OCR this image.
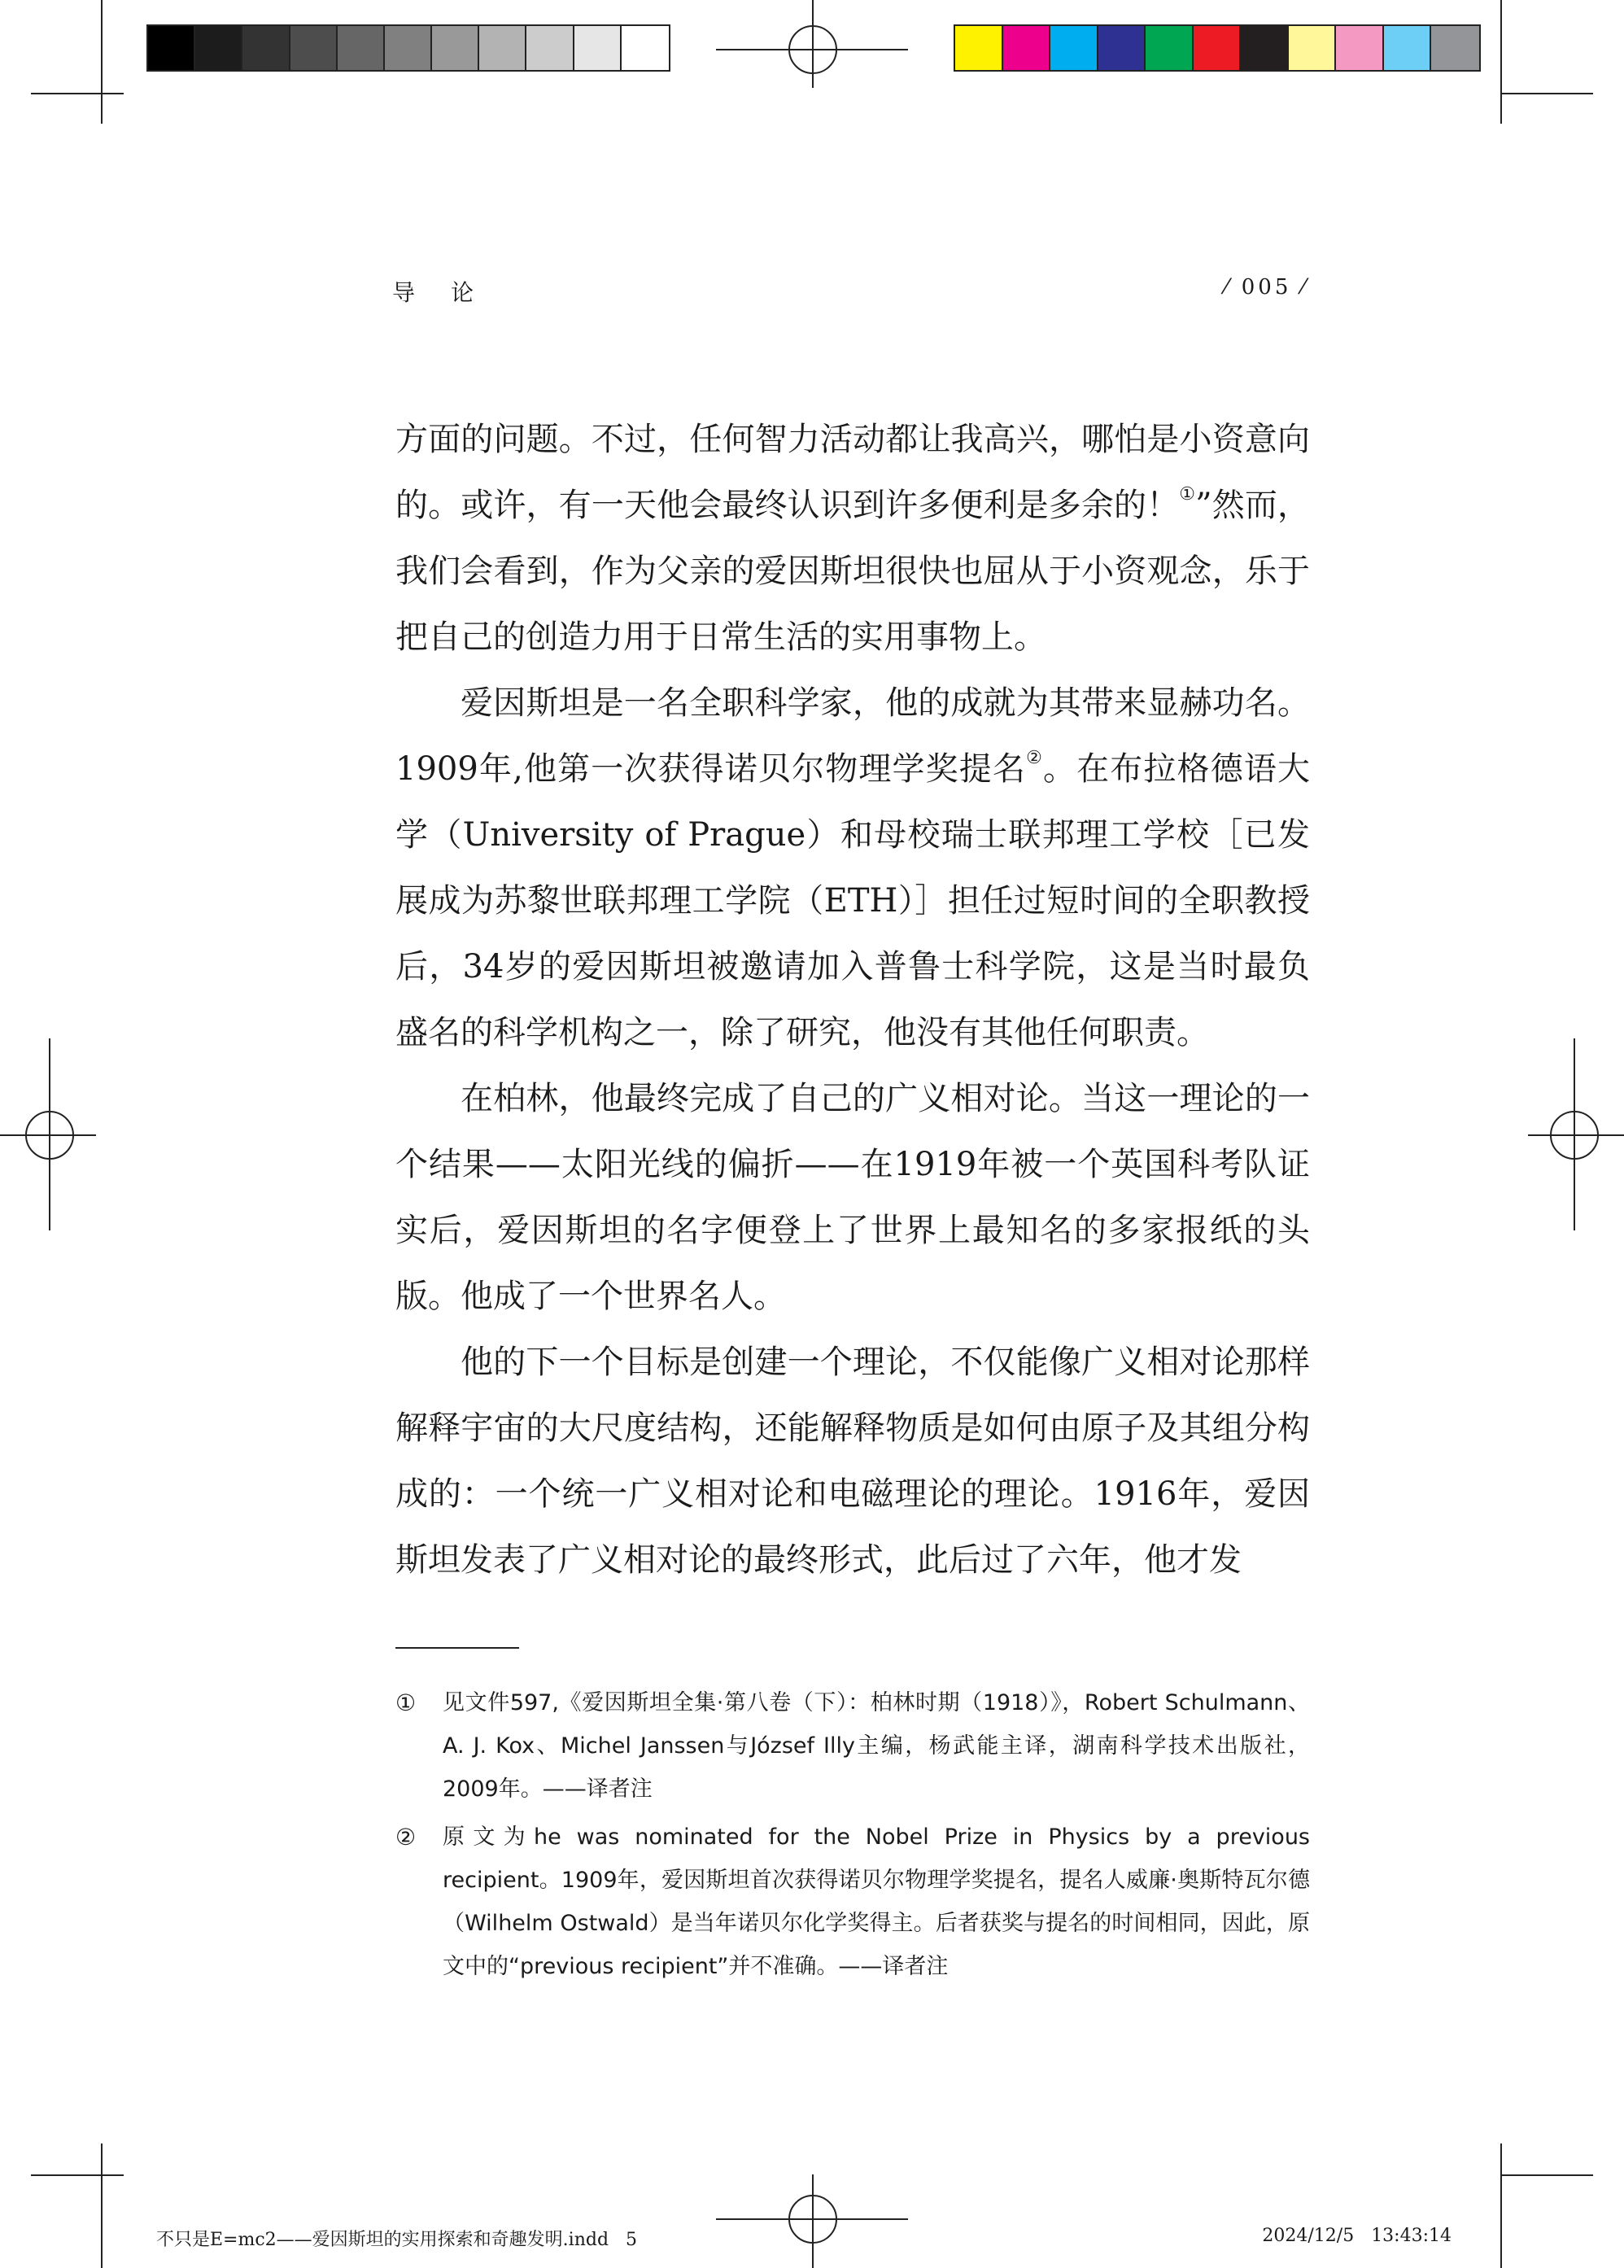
导 论	⁄ 005 ⁄

方面的问题。不过，任何智力活动都让我高兴，哪怕是小资意向的。或许，有一天他会最终认识到许多便利是多余的！①”然而，我们会看到，作为父亲的爱因斯坦很快也屈从于小资观念，乐于把自己的创造力用于日常生活的实用事物上。

爱因斯坦是一名全职科学家，他的成就为其带来显赫功名。1909年,他第一次获得诺贝尔物理学奖提名②。在布拉格德语大学（University of Prague）和母校瑞士联邦理工学校［已发展成为苏黎世联邦理工学院（ETH）］担任过短时间的全职教授后，34岁的爱因斯坦被邀请加入普鲁士科学院，这是当时最负盛名的科学机构之一，除了研究，他没有其他任何职责。

在柏林，他最终完成了自己的广义相对论。当这一理论的一个结果——太阳光线的偏折——在1919年被一个英国科考队证实后，爱因斯坦的名字便登上了世界上最知名的多家报纸的头版。他成了一个世界名人。

他的下一个目标是创建一个理论，不仅能像广义相对论那样解释宇宙的大尺度结构，还能解释物质是如何由原子及其组分构成的：一个统一广义相对论和电磁理论的理论。1916年，爱因斯坦发表了广义相对论的最终形式，此后过了六年，他才发

①	见文件597,《爱因斯坦全集·第八卷（下）：柏林时期（1918）》，Robert Schulmann、A. J. Kox、Michel Janssen与József Illy主编，杨武能主译，湖南科学技术出版社，2009年。——译者注
②	原文为he was nominated for the Nobel Prize in Physics by a previous recipient。1909年，爱因斯坦首次获得诺贝尔物理学奖提名，提名人威廉·奥斯特瓦尔德（Wilhelm Ostwald）是当年诺贝尔化学奖得主。后者获奖与提名的时间相同，因此，原文中的“previous recipient”并不准确。——译者注
不只是E=mc2——爱因斯坦的实用探索和奇趣发明.indd   5	2024/12/5   13:43:14
